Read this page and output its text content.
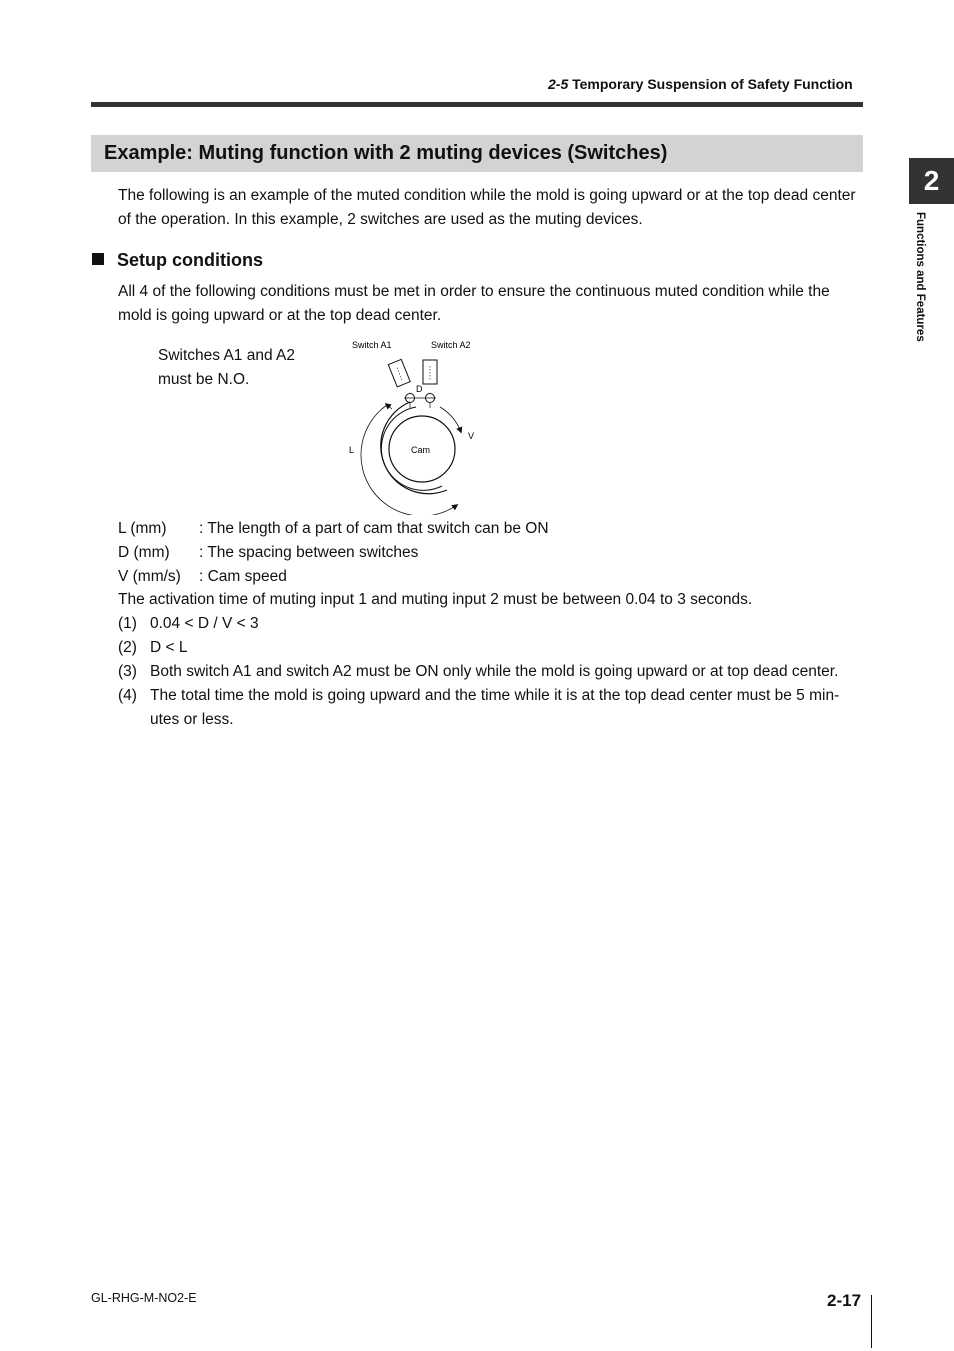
2-5 Temporary Suspension of Safety Function
Example: Muting function with 2 muting devices (Switches)
The following is an example of the muted condition while the mold is going upward or at the top dead center of the operation. In this example, 2 switches are used as the muting devices.
Setup conditions
All 4 of the following conditions must be met in order to ensure the continuous muted condition while the mold is going upward or at the top dead center.
Switches A1 and A2 must be N.O.
Switch A1	Switch A2
D
Cam
L
V
L (mm) : The length of a part of cam that switch can be ON
D (mm) : The spacing between switches
V (mm/s) : Cam speed
The activation time of muting input 1 and muting input 2 must be between 0.04 to 3 seconds.
(1) 0.04 < D / V < 3
(2) D < L
(3) Both switch A1 and switch A2 must be ON only while the mold is going upward or at top dead center.
(4) The total time the mold is going upward and the time while it is at the top dead center must be 5 min-utes or less.
2
Functions and Features
GL-RHG-M-NO2-E	2-17
